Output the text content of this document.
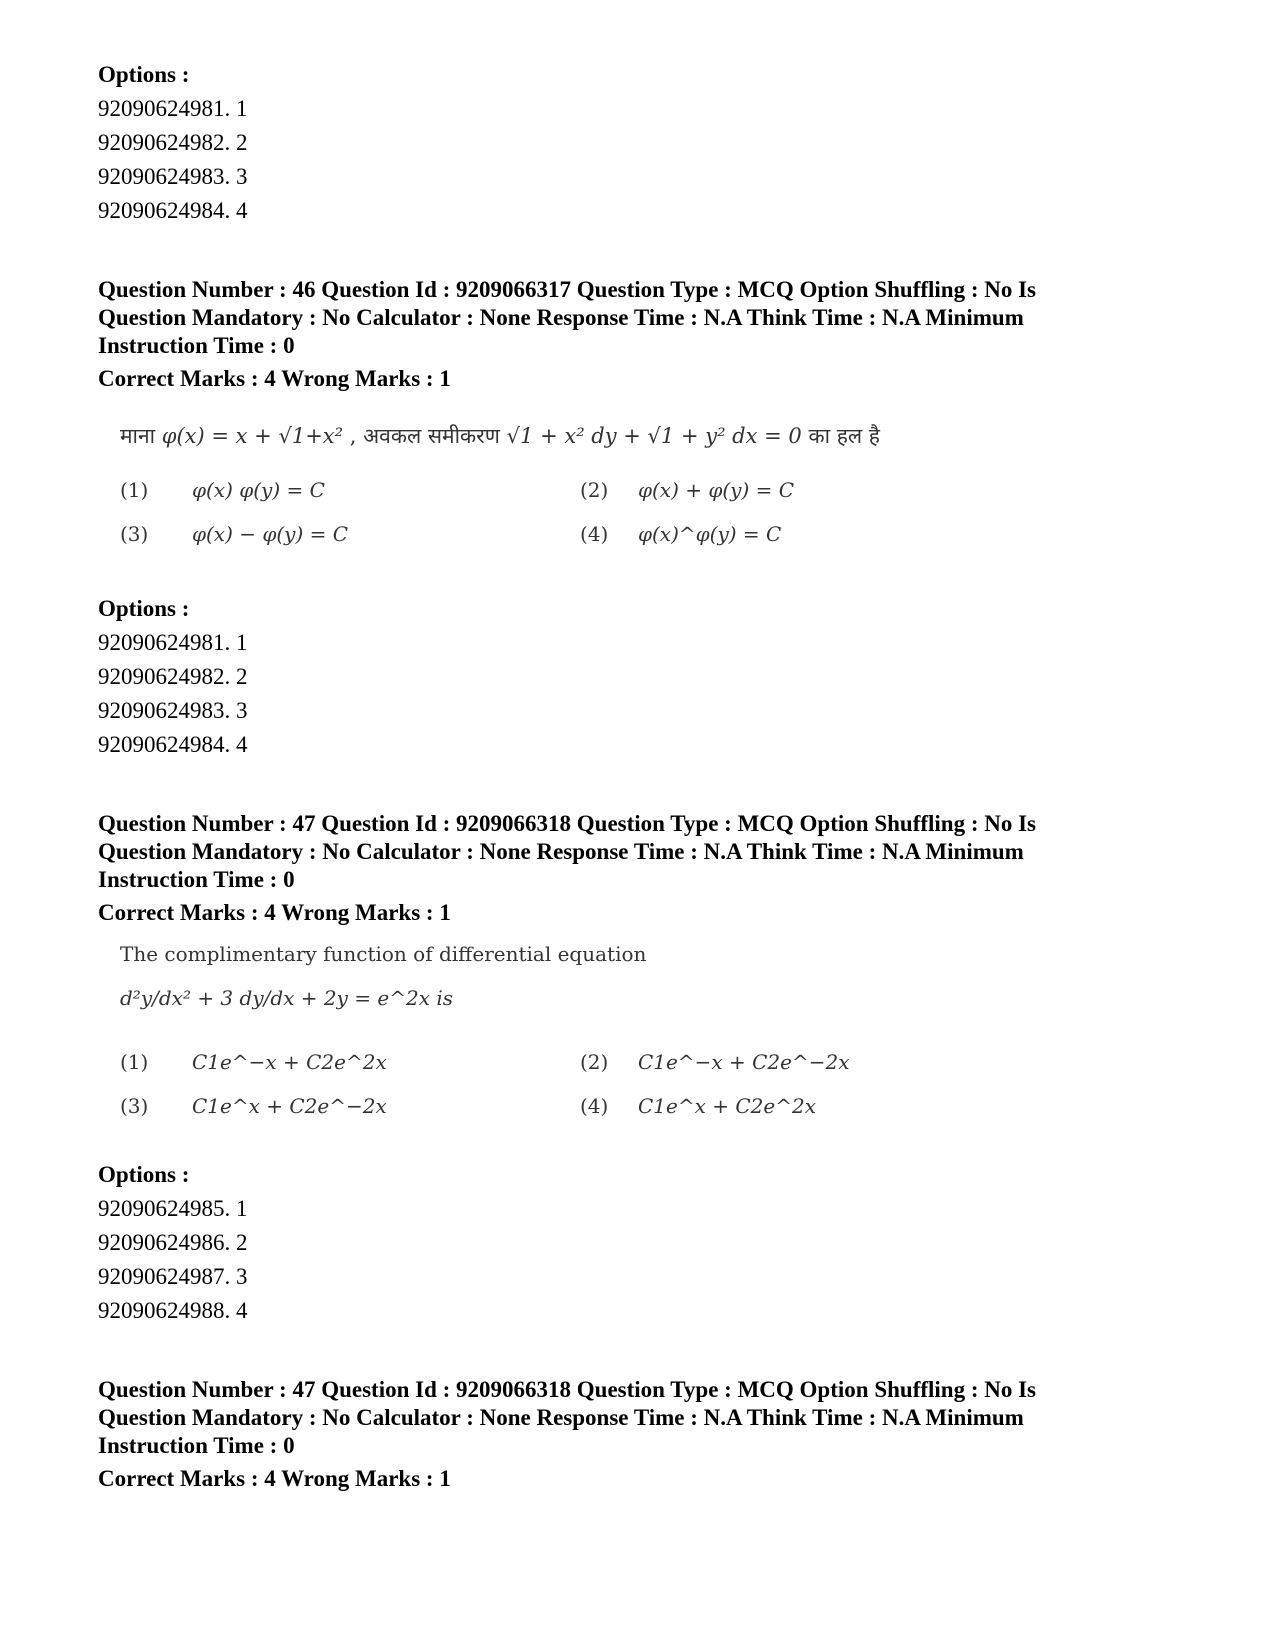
Options :
92090624981. 1
92090624982. 2
92090624983. 3
92090624984. 4
Question Number : 46 Question Id : 9209066317 Question Type : MCQ Option Shuffling : No Is
Question Mandatory : No Calculator : None Response Time : N.A Think Time : N.A Minimum
Instruction Time : 0
Correct Marks : 4 Wrong Marks : 1
माना φ(x) = x + √1+x² , अवकल समीकरण √1 + x² dy + √1 + y² dx = 0 का हल है
(1) φ(x) φ(y) = C	(2) φ(x) + φ(y) = C
(3) φ(x) − φ(y) = C	(4) φ(x)^φ(y) = C
Options :
92090624981. 1
92090624982. 2
92090624983. 3
92090624984. 4
Question Number : 47 Question Id : 9209066318 Question Type : MCQ Option Shuffling : No Is
Question Mandatory : No Calculator : None Response Time : N.A Think Time : N.A Minimum
Instruction Time : 0
Correct Marks : 4 Wrong Marks : 1
The complimentary function of differential equation
d²y/dx² + 3 dy/dx + 2y = e^2x is
(1) C1e^−x + C2e^2x	(2) C1e^−x + C2e^−2x
(3) C1e^x + C2e^−2x	(4) C1e^x + C2e^2x
Options :
92090624985. 1
92090624986. 2
92090624987. 3
92090624988. 4
Question Number : 47 Question Id : 9209066318 Question Type : MCQ Option Shuffling : No Is
Question Mandatory : No Calculator : None Response Time : N.A Think Time : N.A Minimum
Instruction Time : 0
Correct Marks : 4 Wrong Marks : 1
